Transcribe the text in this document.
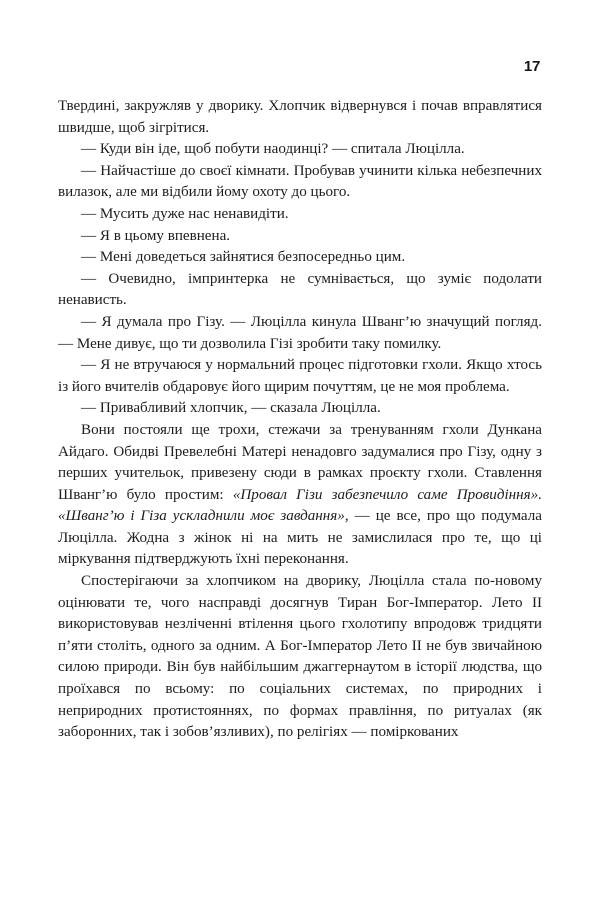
17

Твердині, закружляв у дворику. Хлопчик відвернувся і почав вправлятися швидше, щоб зігрітися.

— Куди він іде, щоб побути наодинці? — спитала Люцілла.

— Найчастіше до своєї кімнати. Пробував учинити кілька небезпечних вилазок, але ми відбили йому охоту до цього.

— Мусить дуже нас ненавидіти.

— Я в цьому впевнена.

— Мені доведеться зайнятися безпосередньо цим.

— Очевидно, імпринтерка не сумнівається, що зуміє подолати ненависть.

— Я думала про Гізу. — Люцілла кинула Шванг’ю значущий погляд. — Мене дивує, що ти дозволила Гізі зробити таку помилку.

— Я не втручаюся у нормальний процес підготовки гхоли. Якщо хтось із його вчителів обдаровує його щирим почуттям, це не моя проблема.

— Привабливий хлопчик, — сказала Люцілла.

Вони постояли ще трохи, стежачи за тренуванням гхоли Дункана Айдаго. Обидві Превелебні Матері ненадовго задумалися про Гізу, одну з перших учительок, привезену сюди в рамках проєкту гхоли. Ставлення Шванг’ю було простим: «Провал Гізи забезпечило саме Провидіння». «Шванг’ю і Гіза ускладнили моє завдання», — це все, про що подумала Люцілла. Жодна з жінок ні на мить не замислилася про те, що ці міркування підтверджують їхні переконання.

Спостерігаючи за хлопчиком на дворику, Люцілла стала по-новому оцінювати те, чого насправді досягнув Тиран Бог-Імператор. Лето II використовував незліченні втілення цього гхолотипу впродовж тридцяти п’яти століть, одного за одним. А Бог-Імператор Лето II не був звичайною силою природи. Він був найбільшим джаггернаутом в історії людства, що проїхався по всьому: по соціальних системах, по природних і неприродних протистояннях, по формах правління, по ритуалах (як заборонних, так і зобов’язливих), по релігіях — поміркованих
